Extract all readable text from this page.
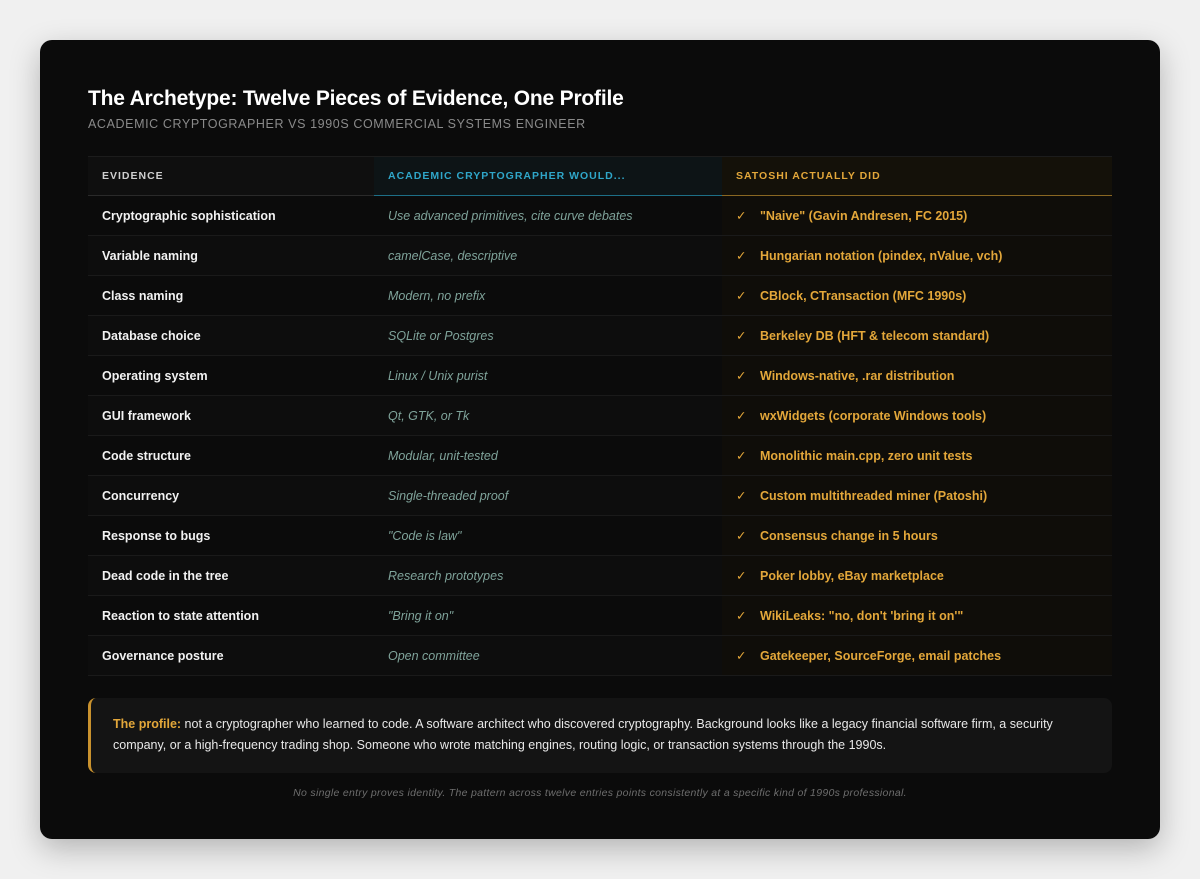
The Archetype: Twelve Pieces of Evidence, One Profile
ACADEMIC CRYPTOGRAPHER VS 1990S COMMERCIAL SYSTEMS ENGINEER
EVIDENCE	ACADEMIC CRYPTOGRAPHER WOULD...	SATOSHI ACTUALLY DID
Cryptographic sophistication	Use advanced primitives, cite curve debates	✓ "Naive" (Gavin Andresen, FC 2015)
Variable naming	camelCase, descriptive	✓ Hungarian notation (pindex, nValue, vch)
Class naming	Modern, no prefix	✓ CBlock, CTransaction (MFC 1990s)
Database choice	SQLite or Postgres	✓ Berkeley DB (HFT & telecom standard)
Operating system	Linux / Unix purist	✓ Windows-native, .rar distribution
GUI framework	Qt, GTK, or Tk	✓ wxWidgets (corporate Windows tools)
Code structure	Modular, unit-tested	✓ Monolithic main.cpp, zero unit tests
Concurrency	Single-threaded proof	✓ Custom multithreaded miner (Patoshi)
Response to bugs	"Code is law"	✓ Consensus change in 5 hours
Dead code in the tree	Research prototypes	✓ Poker lobby, eBay marketplace
Reaction to state attention	"Bring it on"	✓ WikiLeaks: "no, don't 'bring it on'"
Governance posture	Open committee	✓ Gatekeeper, SourceForge, email patches
The profile: not a cryptographer who learned to code. A software architect who discovered cryptography. Background looks like a legacy financial software firm, a security company, or a high-frequency trading shop. Someone who wrote matching engines, routing logic, or transaction systems through the 1990s.
No single entry proves identity. The pattern across twelve entries points consistently at a specific kind of 1990s professional.
